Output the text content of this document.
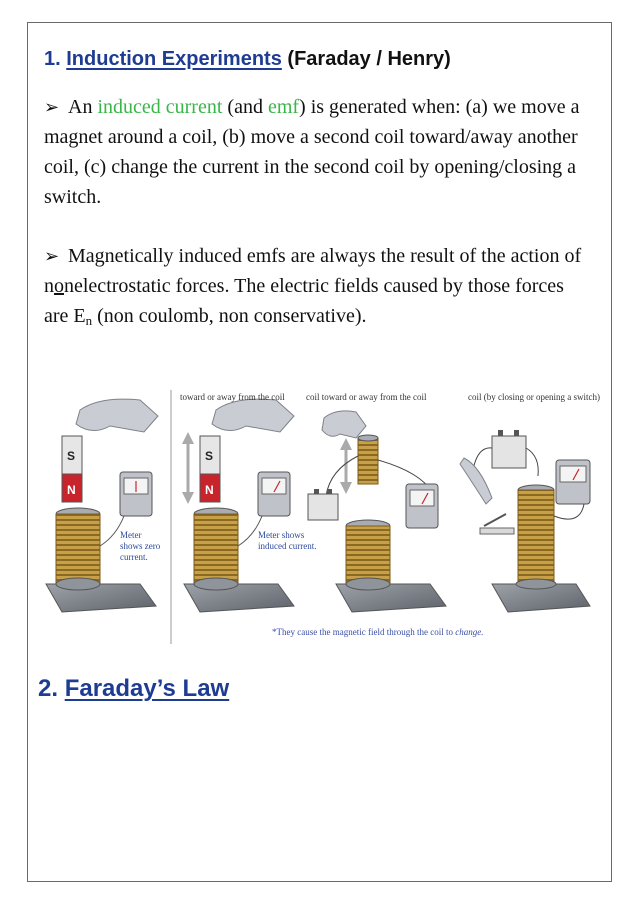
1. Induction Experiments (Faraday / Henry)
➢ An induced current (and emf) is generated when: (a) we move a magnet around a coil, (b) move a second coil toward/away another coil, (c) change the current in the second coil by opening/closing a switch.
➢ Magnetically induced emfs are always the result of the action of nonelectrostatic forces. The electric fields caused by those forces are $E_n$ (non coulomb, non conservative).
toward or away from the coil coil toward or away from the coil	coil (by closing or opening a switch)
S
N
Meter
shows zero
current.
S
N
Meter shows
induced current.
*They cause the magnetic field through the coil to change.
2. Faraday’s Law
